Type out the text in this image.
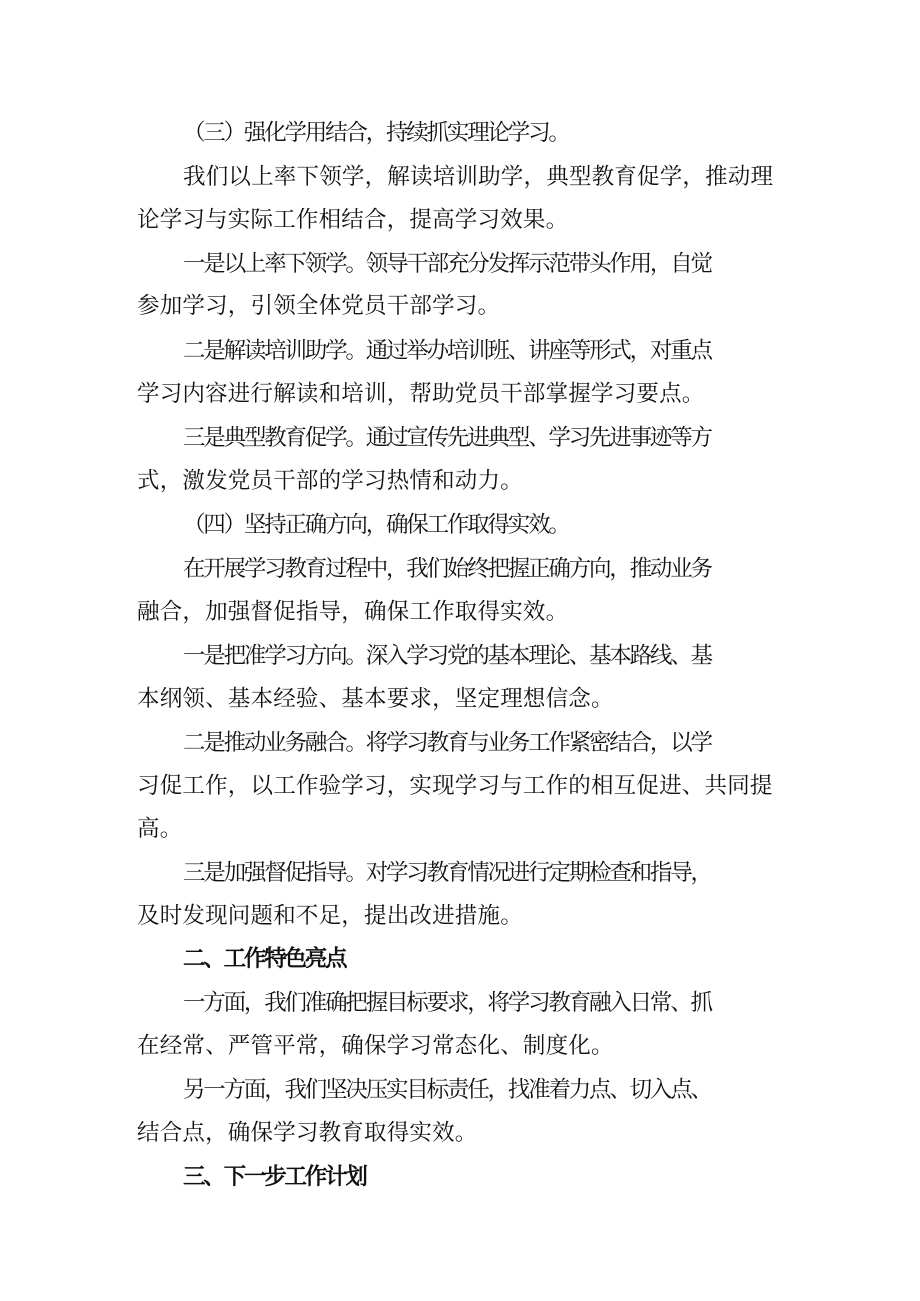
（三）强化学用结合，持续抓实理论学习。
我们以上率下领学，解读培训助学，典型教育促学，推动理
论学习与实际工作相结合，提高学习效果。
一是以上率下领学。领导干部充分发挥示范带头作用，自觉
参加学习，引领全体党员干部学习。
二是解读培训助学。通过举办培训班、讲座等形式，对重点
学习内容进行解读和培训，帮助党员干部掌握学习要点。
三是典型教育促学。通过宣传先进典型、学习先进事迹等方
式，激发党员干部的学习热情和动力。
（四）坚持正确方向，确保工作取得实效。
在开展学习教育过程中，我们始终把握正确方向，推动业务
融合，加强督促指导，确保工作取得实效。
一是把准学习方向。深入学习党的基本理论、基本路线、基
本纲领、基本经验、基本要求，坚定理想信念。
二是推动业务融合。将学习教育与业务工作紧密结合，以学
习促工作，以工作验学习，实现学习与工作的相互促进、共同提
高。
三是加强督促指导。对学习教育情况进行定期检查和指导，
及时发现问题和不足，提出改进措施。
二、工作特色亮点
一方面，我们准确把握目标要求，将学习教育融入日常、抓
在经常、严管平常，确保学习常态化、制度化。
另一方面，我们坚决压实目标责任，找准着力点、切入点、
结合点，确保学习教育取得实效。
三、下一步工作计划
